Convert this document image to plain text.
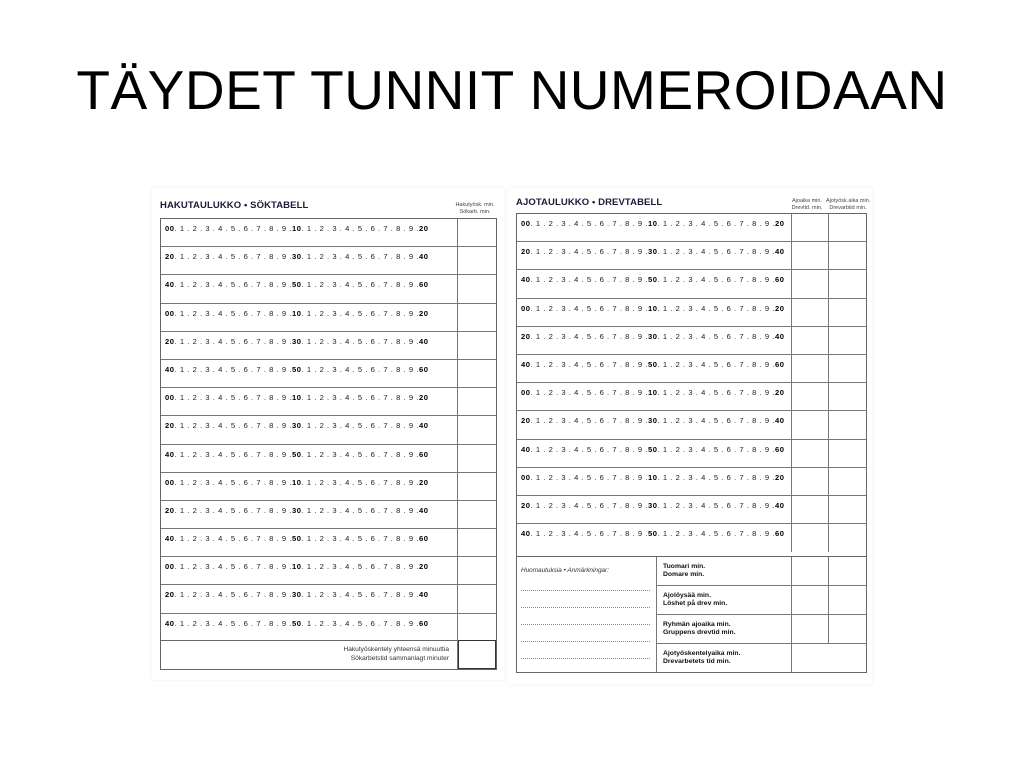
TÄYDET TUNNIT NUMEROIDAAN
HAKUTAULUKKO • SÖKTABELL	Hakutyösk. min.
Sökarb. min.
00 . 1 . 2 . 3 . 4 . 5 . 6 . 7 . 8 . 9 . 10 . 1 . 2 . 3 . 4 . 5 . 6 . 7 . 8 . 9 . 20
20 . 1 . 2 . 3 . 4 . 5 . 6 . 7 . 8 . 9 . 30 . 1 . 2 . 3 . 4 . 5 . 6 . 7 . 8 . 9 . 40
40 . 1 . 2 . 3 . 4 . 5 . 6 . 7 . 8 . 9 . 50 . 1 . 2 . 3 . 4 . 5 . 6 . 7 . 8 . 9 . 60
00 . 1 . 2 . 3 . 4 . 5 . 6 . 7 . 8 . 9 . 10 . 1 . 2 . 3 . 4 . 5 . 6 . 7 . 8 . 9 . 20
20 . 1 . 2 . 3 . 4 . 5 . 6 . 7 . 8 . 9 . 30 . 1 . 2 . 3 . 4 . 5 . 6 . 7 . 8 . 9 . 40
40 . 1 . 2 . 3 . 4 . 5 . 6 . 7 . 8 . 9 . 50 . 1 . 2 . 3 . 4 . 5 . 6 . 7 . 8 . 9 . 60
00 . 1 . 2 . 3 . 4 . 5 . 6 . 7 . 8 . 9 . 10 . 1 . 2 . 3 . 4 . 5 . 6 . 7 . 8 . 9 . 20
20 . 1 . 2 . 3 . 4 . 5 . 6 . 7 . 8 . 9 . 30 . 1 . 2 . 3 . 4 . 5 . 6 . 7 . 8 . 9 . 40
40 . 1 . 2 . 3 . 4 . 5 . 6 . 7 . 8 . 9 . 50 . 1 . 2 . 3 . 4 . 5 . 6 . 7 . 8 . 9 . 60
00 . 1 . 2 . 3 . 4 . 5 . 6 . 7 . 8 . 9 . 10 . 1 . 2 . 3 . 4 . 5 . 6 . 7 . 8 . 9 . 20
20 . 1 . 2 . 3 . 4 . 5 . 6 . 7 . 8 . 9 . 30 . 1 . 2 . 3 . 4 . 5 . 6 . 7 . 8 . 9 . 40
40 . 1 . 2 . 3 . 4 . 5 . 6 . 7 . 8 . 9 . 50 . 1 . 2 . 3 . 4 . 5 . 6 . 7 . 8 . 9 . 60
00 . 1 . 2 . 3 . 4 . 5 . 6 . 7 . 8 . 9 . 10 . 1 . 2 . 3 . 4 . 5 . 6 . 7 . 8 . 9 . 20
20 . 1 . 2 . 3 . 4 . 5 . 6 . 7 . 8 . 9 . 30 . 1 . 2 . 3 . 4 . 5 . 6 . 7 . 8 . 9 . 40
40 . 1 . 2 . 3 . 4 . 5 . 6 . 7 . 8 . 9 . 50 . 1 . 2 . 3 . 4 . 5 . 6 . 7 . 8 . 9 . 60
Hakutyöskentely yhteensä minuuttia
Sökarbetstid sammanlagt minuter
AJOTAULUKKO • DREVTABELL	Ajoaika min.
Drevtid. min.
Ajotyösk.aika min.
Drevarbtid min.
00 . 1 . 2 . 3 . 4 . 5 . 6 . 7 . 8 . 9 . 10 . 1 . 2 . 3 . 4 . 5 . 6 . 7 . 8 . 9 . 20
20 . 1 . 2 . 3 . 4 . 5 . 6 . 7 . 8 . 9 . 30 . 1 . 2 . 3 . 4 . 5 . 6 . 7 . 8 . 9 . 40
40 . 1 . 2 . 3 . 4 . 5 . 6 . 7 . 8 . 9 . 50 . 1 . 2 . 3 . 4 . 5 . 6 . 7 . 8 . 9 . 60
00 . 1 . 2 . 3 . 4 . 5 . 6 . 7 . 8 . 9 . 10 . 1 . 2 . 3 . 4 . 5 . 6 . 7 . 8 . 9 . 20
20 . 1 . 2 . 3 . 4 . 5 . 6 . 7 . 8 . 9 . 30 . 1 . 2 . 3 . 4 . 5 . 6 . 7 . 8 . 9 . 40
40 . 1 . 2 . 3 . 4 . 5 . 6 . 7 . 8 . 9 . 50 . 1 . 2 . 3 . 4 . 5 . 6 . 7 . 8 . 9 . 60
00 . 1 . 2 . 3 . 4 . 5 . 6 . 7 . 8 . 9 . 10 . 1 . 2 . 3 . 4 . 5 . 6 . 7 . 8 . 9 . 20
20 . 1 . 2 . 3 . 4 . 5 . 6 . 7 . 8 . 9 . 30 . 1 . 2 . 3 . 4 . 5 . 6 . 7 . 8 . 9 . 40
40 . 1 . 2 . 3 . 4 . 5 . 6 . 7 . 8 . 9 . 50 . 1 . 2 . 3 . 4 . 5 . 6 . 7 . 8 . 9 . 60
00 . 1 . 2 . 3 . 4 . 5 . 6 . 7 . 8 . 9 . 10 . 1 . 2 . 3 . 4 . 5 . 6 . 7 . 8 . 9 . 20
20 . 1 . 2 . 3 . 4 . 5 . 6 . 7 . 8 . 9 . 30 . 1 . 2 . 3 . 4 . 5 . 6 . 7 . 8 . 9 . 40
40 . 1 . 2 . 3 . 4 . 5 . 6 . 7 . 8 . 9 . 50 . 1 . 2 . 3 . 4 . 5 . 6 . 7 . 8 . 9 . 60
Huomautuksia • Anmärkningar:
Tuomari min.
Domare min.
Ajolöysää min.
Löshet på drev min.
Ryhmän ajoaika min.
Gruppens drevtid min.
Ajotyöskentelyaika min.
Drevarbetets tid min.
